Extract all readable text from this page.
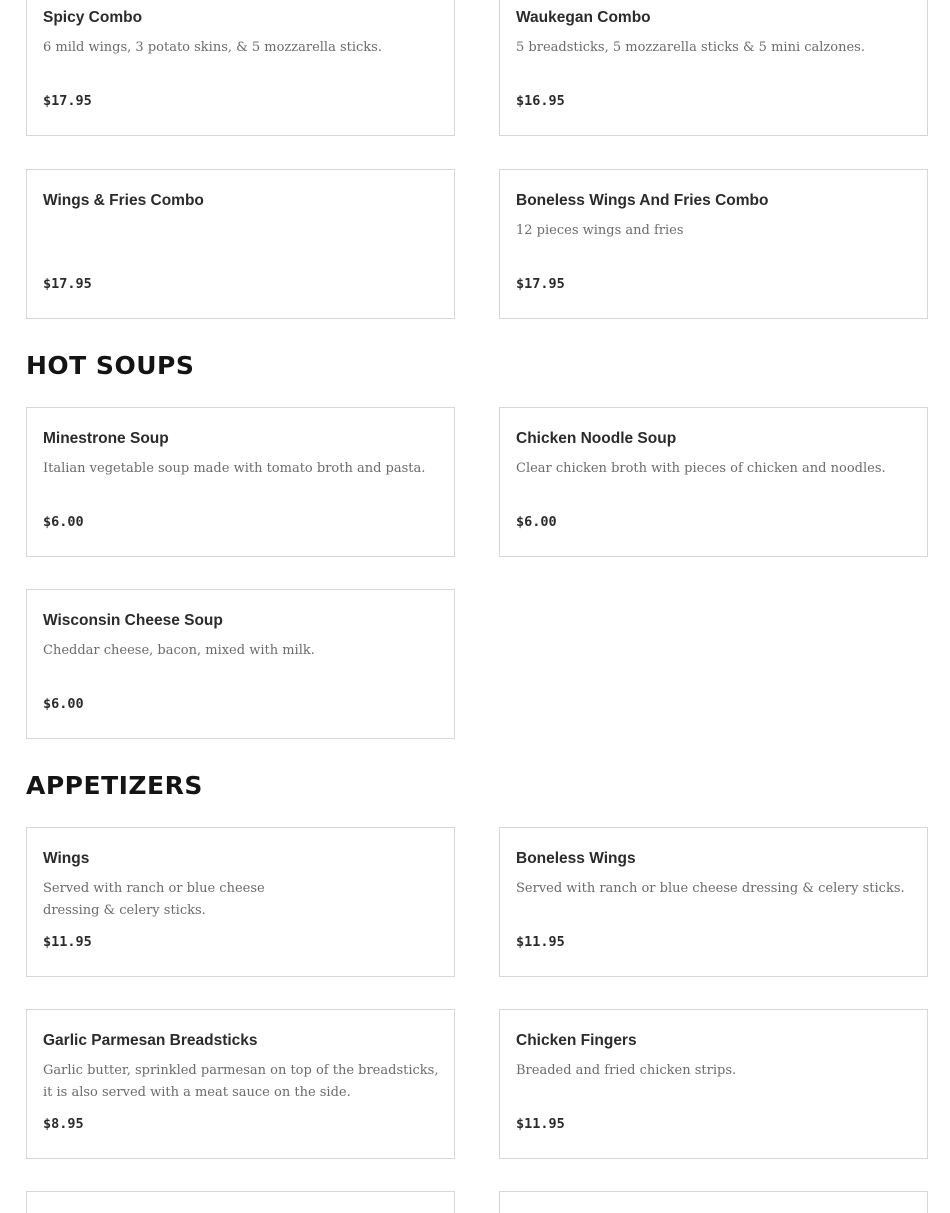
Spicy Combo
6 mild wings, 3 potato skins, & 5 mozzarella sticks.
$17.95
Waukegan Combo
5 breadsticks, 5 mozzarella sticks & 5 mini calzones.
$16.95
Wings & Fries Combo
$17.95
Boneless Wings And Fries Combo
12 pieces wings and fries
$17.95
HOT SOUPS
Minestrone Soup
Italian vegetable soup made with tomato broth and pasta.
$6.00
Chicken Noodle Soup
Clear chicken broth with pieces of chicken and noodles.
$6.00
Wisconsin Cheese Soup
Cheddar cheese, bacon, mixed with milk.
$6.00
APPETIZERS
Wings
Served with ranch or blue cheese dressing & celery sticks.
$11.95
Boneless Wings
Served with ranch or blue cheese dressing & celery sticks.
$11.95
Garlic Parmesan Breadsticks
Garlic butter, sprinkled parmesan on top of the breadsticks, it is also served with a meat sauce on the side.
$8.95
Chicken Fingers
Breaded and fried chicken strips.
$11.95
